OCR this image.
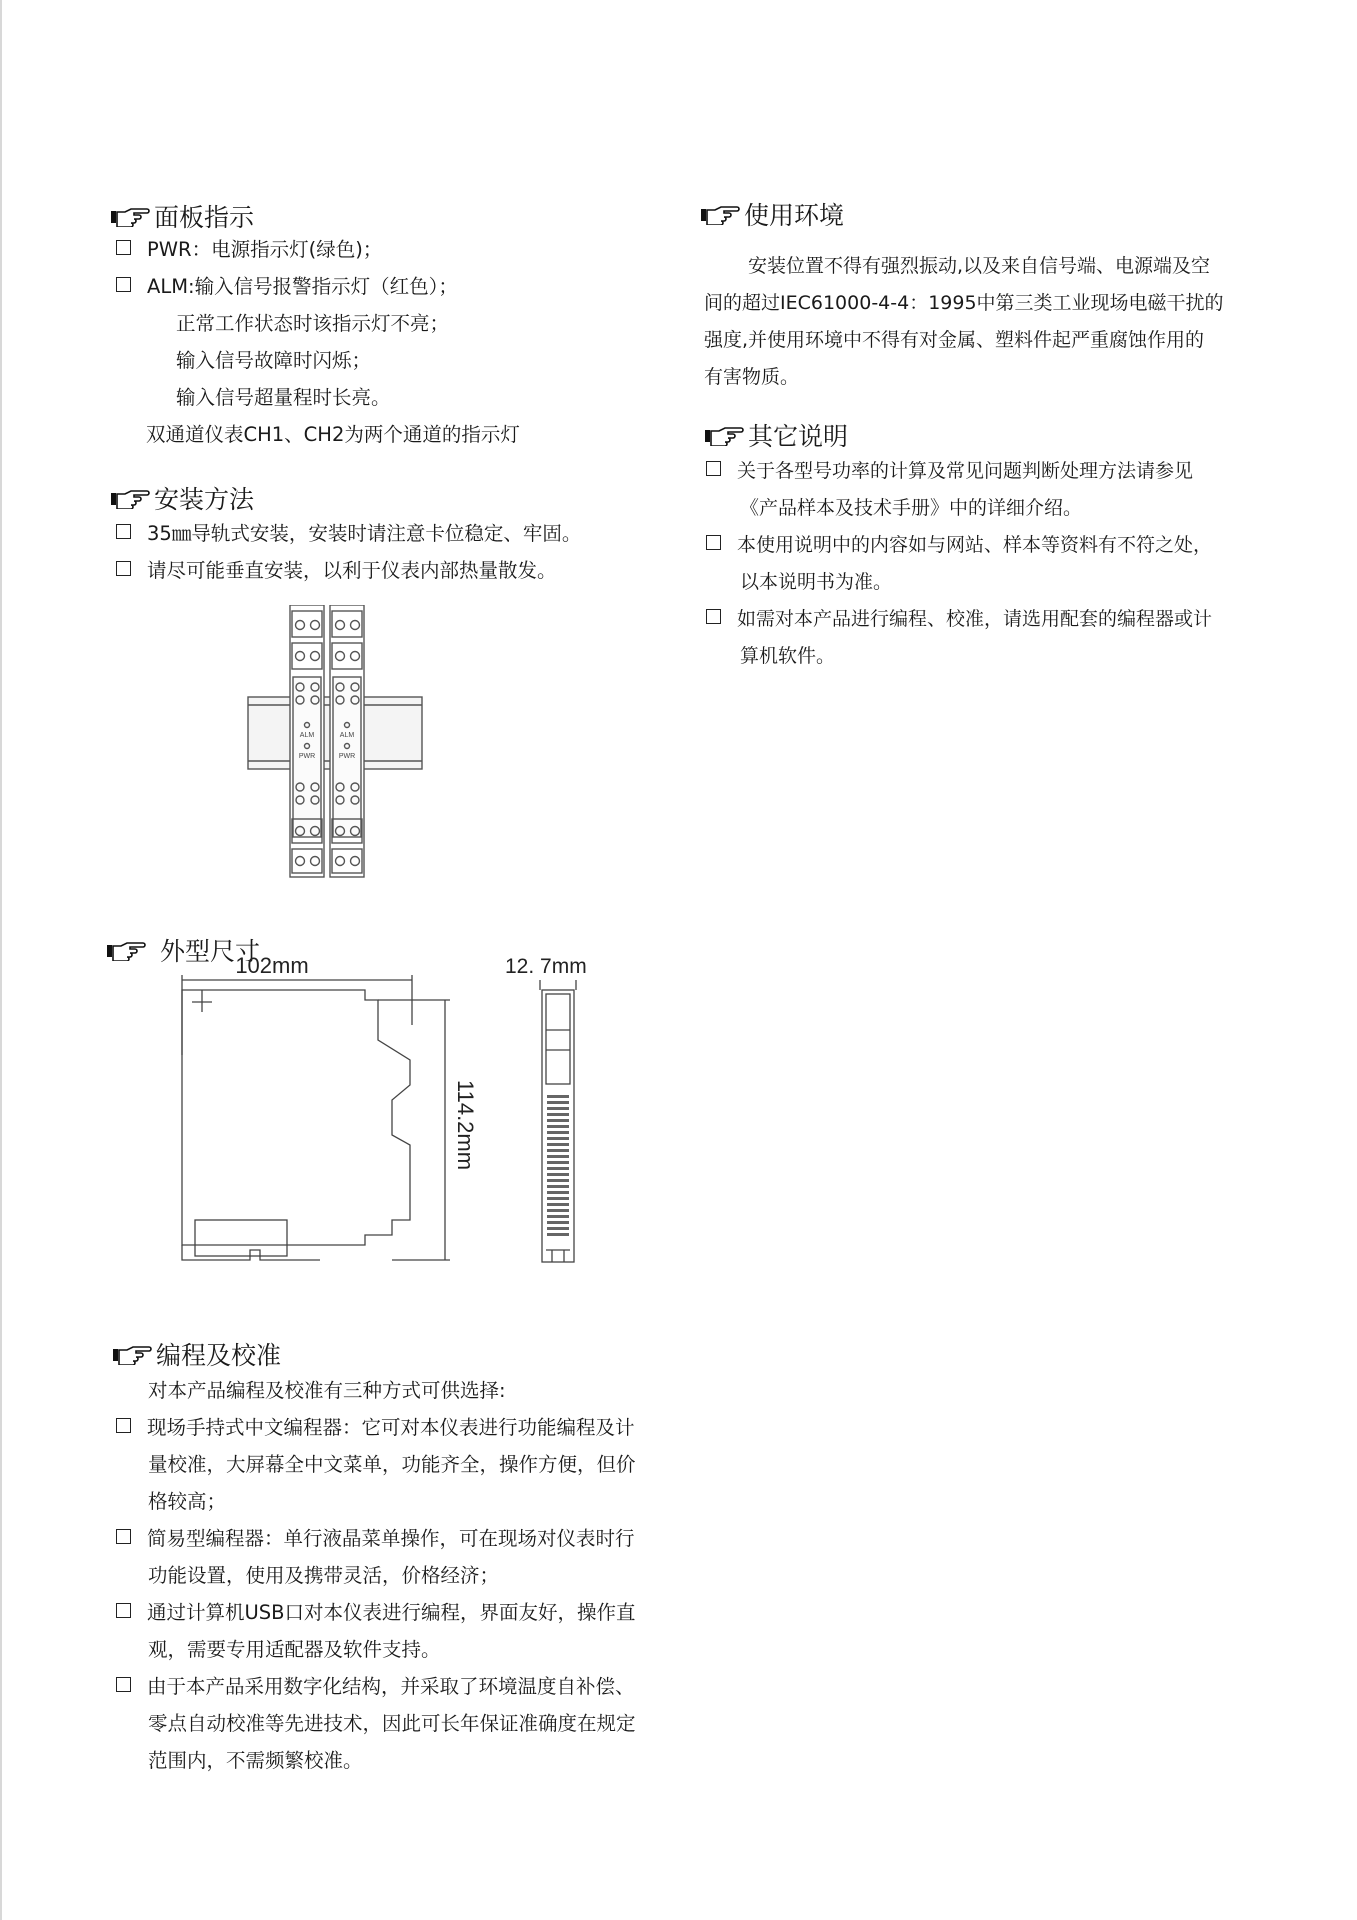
面板指示
PWR：电源指示灯(绿色)；
ALM:输入信号报警指示灯（红色）；
正常工作状态时该指示灯不亮；
输入信号故障时闪烁；
输入信号超量程时长亮。
双通道仪表CH1、CH2为两个通道的指示灯
安装方法
35㎜导轨式安装，安装时请注意卡位稳定、牢固。
请尽可能垂直安装，以利于仪表内部热量散发。
ALM
PWR
ALM
PWR
外型尺寸
102mm	12. 7mm
114.2mm
编程及校准
对本产品编程及校准有三种方式可供选择:
现场手持式中文编程器：它可对本仪表进行功能编程及计
量校准，大屏幕全中文菜单，功能齐全，操作方便，但价
格较高；
简易型编程器：单行液晶菜单操作，可在现场对仪表时行
功能设置，使用及携带灵活，价格经济；
通过计算机USB口对本仪表进行编程，界面友好，操作直
观，需要专用适配器及软件支持。
由于本产品采用数字化结构，并采取了环境温度自补偿、
零点自动校准等先进技术，因此可长年保证准确度在规定
范围内，不需频繁校准。
使用环境
安装位置不得有强烈振动,以及来自信号端、电源端及空
间的超过IEC61000-4-4：1995中第三类工业现场电磁干扰的
强度,并使用环境中不得有对金属、塑料件起严重腐蚀作用的
有害物质。
其它说明
关于各型号功率的计算及常见问题判断处理方法请参见
《产品样本及技术手册》中的详细介绍。
本使用说明中的内容如与网站、样本等资料有不符之处，
以本说明书为准。
如需对本产品进行编程、校准，请选用配套的编程器或计
算机软件。
